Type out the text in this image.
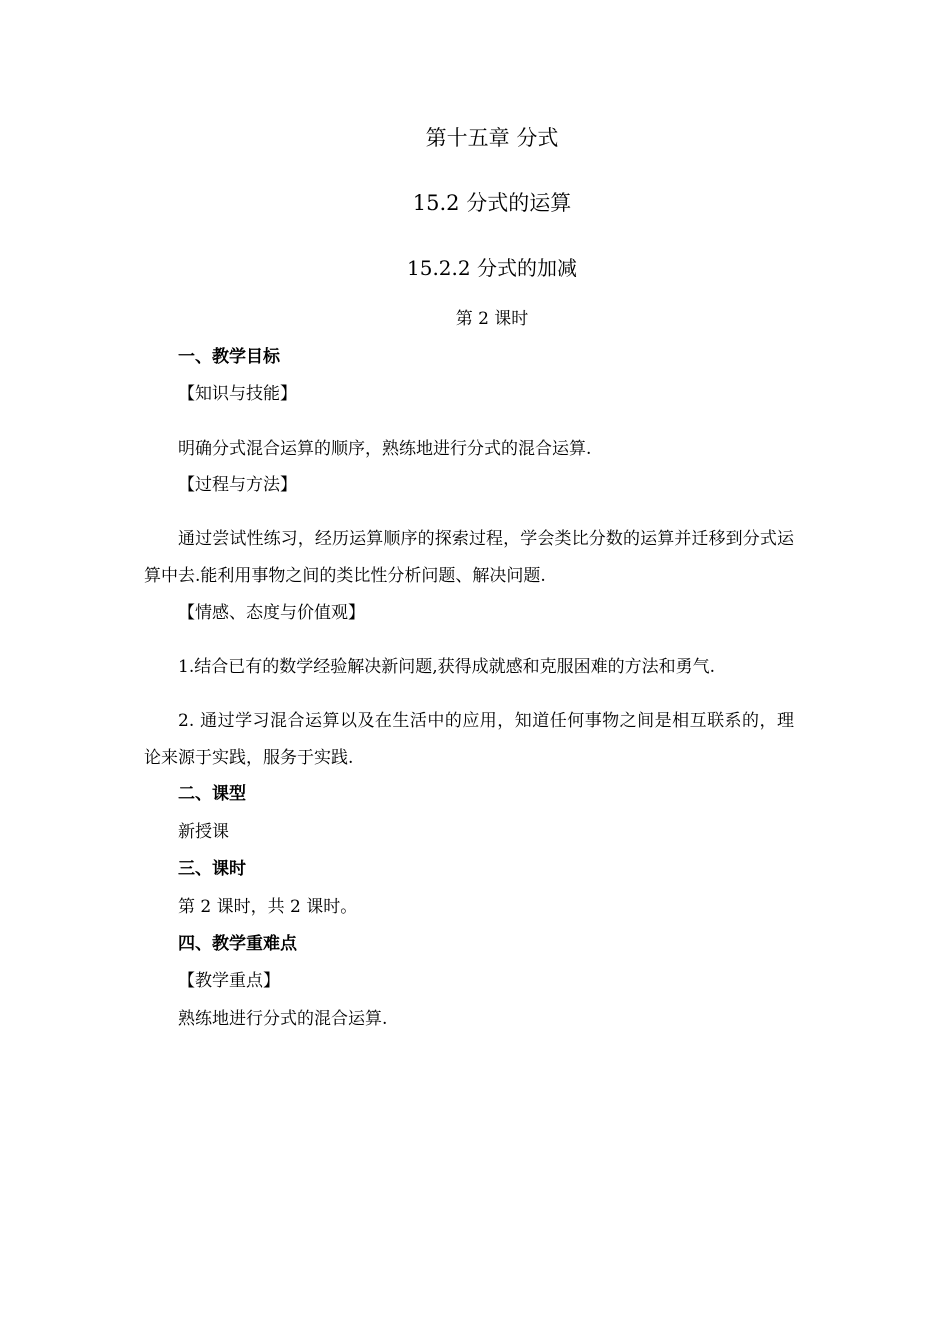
第十五章 分式
15.2 分式的运算
15.2.2 分式的加减
第 2 课时
一、教学目标
【知识与技能】
明确分式混合运算的顺序，熟练地进行分式的混合运算.
【过程与方法】
通过尝试性练习，经历运算顺序的探索过程，学会类比分数的运算并迁移到分式运算中去.能利用事物之间的类比性分析问题、解决问题.
【情感、态度与价值观】
1.结合已有的数学经验解决新问题,获得成就感和克服困难的方法和勇气.
2. 通过学习混合运算以及在生活中的应用，知道任何事物之间是相互联系的，理论来源于实践，服务于实践.
二、课型
新授课
三、课时
第 2 课时，共 2 课时。
四、教学重难点
【教学重点】
熟练地进行分式的混合运算.
